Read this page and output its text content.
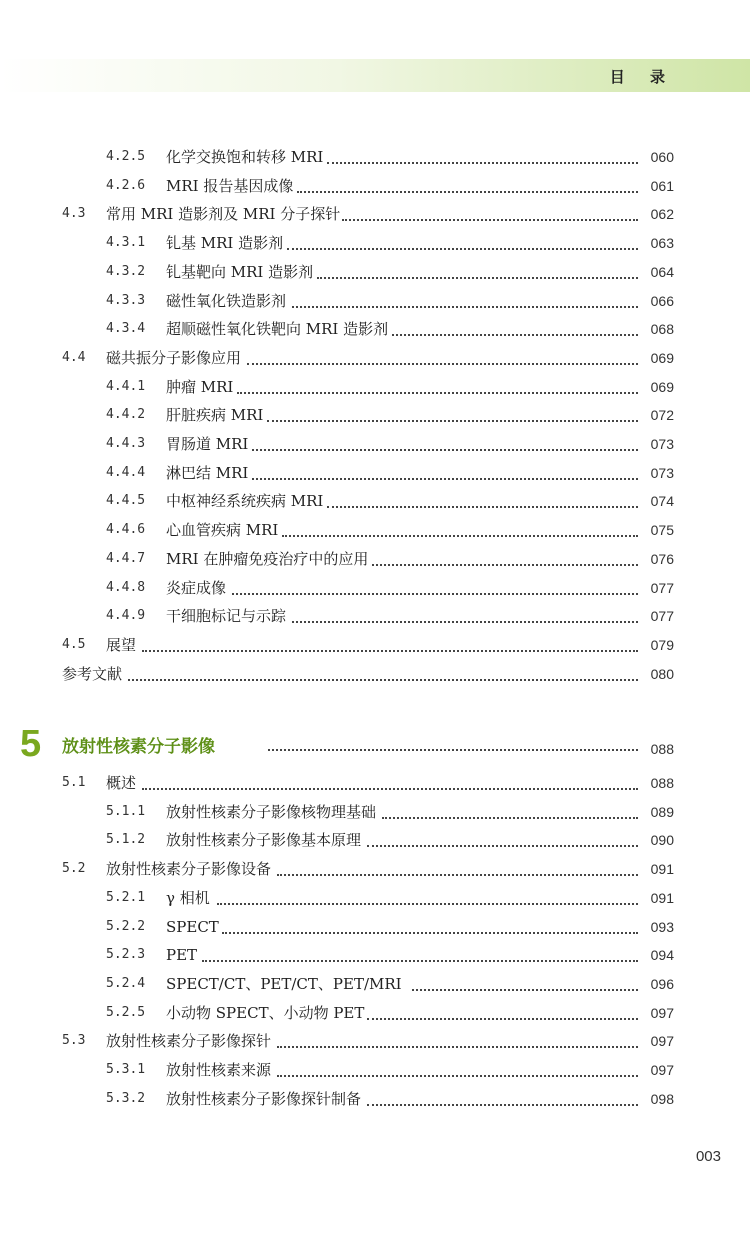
目 录
4.2.5 化学交换饱和转移 MRI	060
4.2.6 MRI 报告基因成像	061
4.3 常用 MRI 造影剂及 MRI 分子探针	062
4.3.1 钆基 MRI 造影剂	063
4.3.2 钆基靶向 MRI 造影剂	064
4.3.3 磁性氧化铁造影剂	066
4.3.4 超顺磁性氧化铁靶向 MRI 造影剂	068
4.4 磁共振分子影像应用	069
4.4.1 肿瘤 MRI	069
4.4.2 肝脏疾病 MRI	072
4.4.3 胃肠道 MRI	073
4.4.4 淋巴结 MRI	073
4.4.5 中枢神经系统疾病 MRI	074
4.4.6 心血管疾病 MRI	075
4.4.7 MRI 在肿瘤免疫治疗中的应用	076
4.4.8 炎症成像	077
4.4.9 干细胞标记与示踪	077
4.5 展望	079
参考文献	080
5 放射性核素分子影像	088
5.1 概述	088
5.1.1 放射性核素分子影像核物理基础	089
5.1.2 放射性核素分子影像基本原理	090
5.2 放射性核素分子影像设备	091
5.2.1 γ 相机	091
5.2.2 SPECT	093
5.2.3 PET	094
5.2.4 SPECT/CT、PET/CT、PET/MRI	096
5.2.5 小动物 SPECT、小动物 PET	097
5.3 放射性核素分子影像探针	097
5.3.1 放射性核素来源	097
5.3.2 放射性核素分子影像探针制备	098
003
